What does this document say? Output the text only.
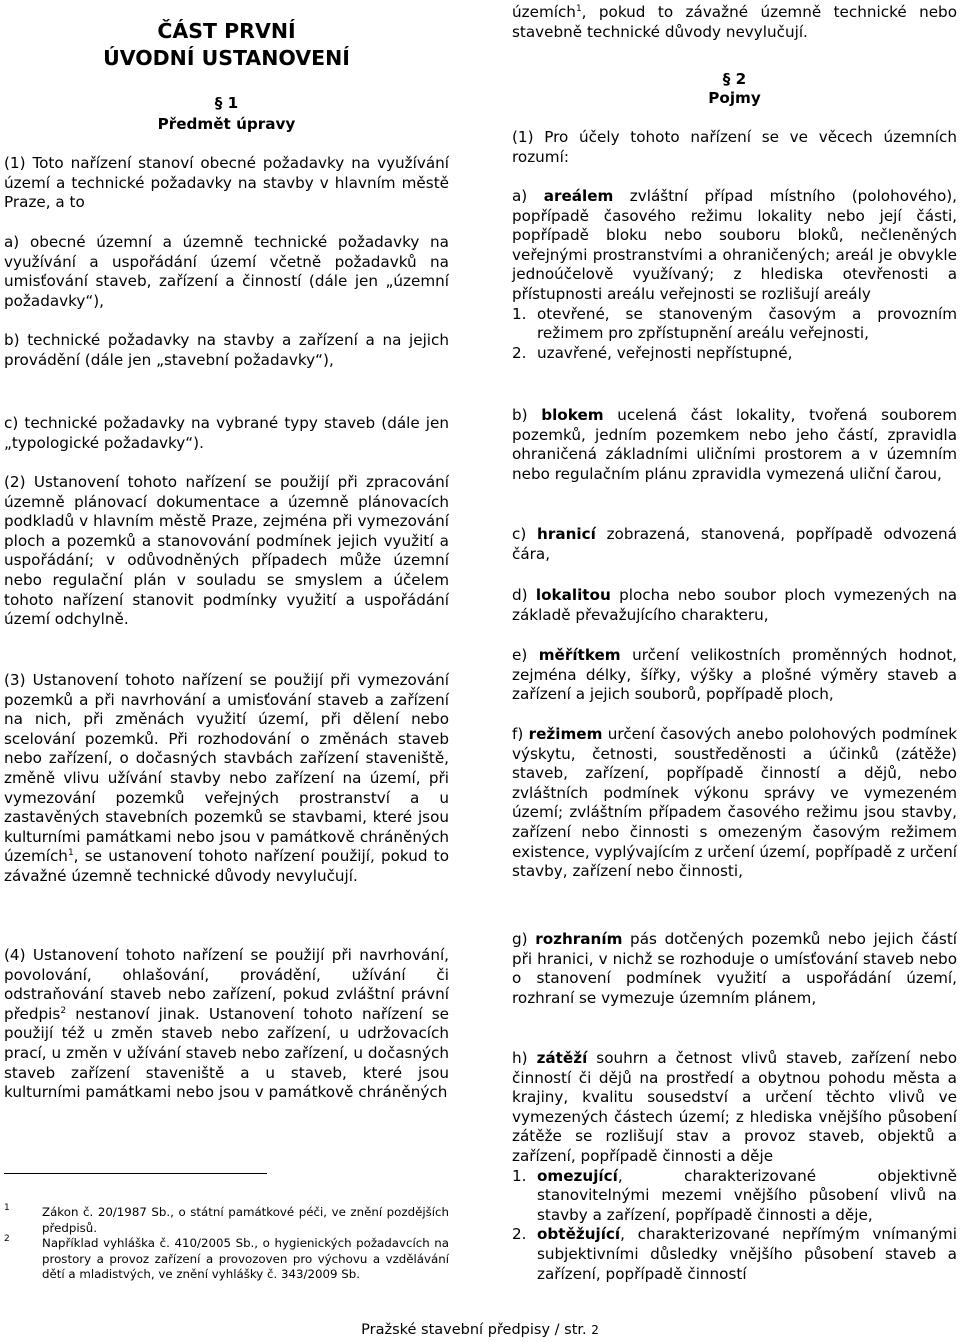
ČÁST PRVNÍ

ÚVODNÍ USTANOVENÍ

§ 1

Předmět úpravy

(1) Toto nařízení stanoví obecné požadavky na využívání území a technické požadavky na stavby v hlavním městě Praze, a to

a) obecné územní a územně technické požadavky na využívání a uspořádání území včetně požadavků na umisťování staveb, zařízení a činností (dále jen „územní požadavky“),

b) technické požadavky na stavby a zařízení a na jejich provádění (dále jen „stavební požadavky“),

c) technické požadavky na vybrané typy staveb (dále jen „typologické požadavky“).

(2) Ustanovení tohoto nařízení se použijí při zpracování územně plánovací dokumentace a územně plánovacích podkladů v hlavním městě Praze, zejména při vymezování ploch a pozemků a stanovování podmínek jejich využití a uspořádání; v odůvodněných případech může územní nebo regulační plán v souladu se smyslem a účelem tohoto nařízení stanovit podmínky využití a uspořádání území odchylně.

(3) Ustanovení tohoto nařízení se použijí při vymezování pozemků a při navrhování a umisťování staveb a zařízení na nich, při změnách využití území, při dělení nebo scelování pozemků. Při rozhodování o změnách staveb nebo zařízení, o dočasných stavbách zařízení staveniště, změně vlivu užívání stavby nebo zařízení na území, při vymezování pozemků veřejných prostranství a u zastavěných stavebních pozemků se stavbami, které jsou kulturními památkami nebo jsou v památkově chráněných územích$^1$, se ustanovení tohoto nařízení použijí, pokud to závažné územně technické důvody nevylučují.

(4) Ustanovení tohoto nařízení se použijí při navrhování, povolování, ohlašování, provádění, užívání či odstraňování staveb nebo zařízení, pokud zvláštní právní předpis$^2$ nestanoví jinak. Ustanovení tohoto nařízení se použijí též u změn staveb nebo zařízení, u udržovacích prací, u změn v užívání staveb nebo zařízení, u dočasných staveb zařízení staveniště a u staveb, které jsou kulturními památkami nebo jsou v památkově chráněných

1	Zákon č. 20/1987 Sb., o státní památkové péči, ve znění pozdějších předpisů.
2	Například vyhláška č. 410/2005 Sb., o hygienických požadavcích na prostory a provoz zařízení a provozoven pro výchovu a vzdělávání dětí a mladistvých, ve znění vyhlášky č. 343/2009 Sb.

územích$^1$, pokud to závažné územně technické nebo stavebně technické důvody nevylučují.

§ 2

Pojmy

(1) Pro účely tohoto nařízení se ve věcech územních rozumí:

a) areálem zvláštní případ místního (polohového), popřípadě časového režimu lokality nebo její části, popřípadě bloku nebo souboru bloků, nečleněných veřejnými prostranstvími a ohraničených; areál je obvykle jednoúčelově využívaný; z hlediska otevřenosti a přístupnosti areálu veřejnosti se rozlišují areály

1. otevřené, se stanoveným časovým a provozním režimem pro zpřístupnění areálu veřejnosti,

2. uzavřené, veřejnosti nepřístupné,

b) blokem ucelená část lokality, tvořená souborem pozemků, jedním pozemkem nebo jeho částí, zpravidla ohraničená základními uličními prostorem a v územním nebo regulačním plánu zpravidla vymezená uliční čarou,

c) hranicí zobrazená, stanovená, popřípadě odvozená čára,

d) lokalitou plocha nebo soubor ploch vymezených na základě převažujícího charakteru,

e) měřítkem určení velikostních proměnných hodnot, zejména délky, šířky, výšky a plošné výměry staveb a zařízení a jejich souborů, popřípadě ploch,

f) režimem určení časových anebo polohových podmínek výskytu, četnosti, soustředěnosti a účinků (zátěže) staveb, zařízení, popřípadě činností a dějů, nebo zvláštních podmínek výkonu správy ve vymezeném území; zvláštním případem časového režimu jsou stavby, zařízení nebo činnosti s omezeným časovým režimem existence, vyplývajícím z určení území, popřípadě z určení stavby, zařízení nebo činnosti,

g) rozhraním pás dotčených pozemků nebo jejich částí při hranici, v nichž se rozhoduje o umísťování staveb nebo o stanovení podmínek využití a uspořádání území, rozhraní se vymezuje územním plánem,

h) zátěží souhrn a četnost vlivů staveb, zařízení nebo činností či dějů na prostředí a obytnou pohodu města a krajiny, kvalitu sousedství a určení těchto vlivů ve vymezených částech území; z hlediska vnějšího působení zátěže se rozlišují stav a provoz staveb, objektů a zařízení, popřípadě činnosti a děje

1. omezující, charakterizované objektivně stanovitelnými mezemi vnějšího působení vlivů na stavby a zařízení, popřípadě činnosti a děje,

2. obtěžující, charakterizované nepřímým vnímanými subjektivními důsledky vnějšího působení staveb a zařízení, popřípadě činností

Pražské stavební předpisy / str. 2
